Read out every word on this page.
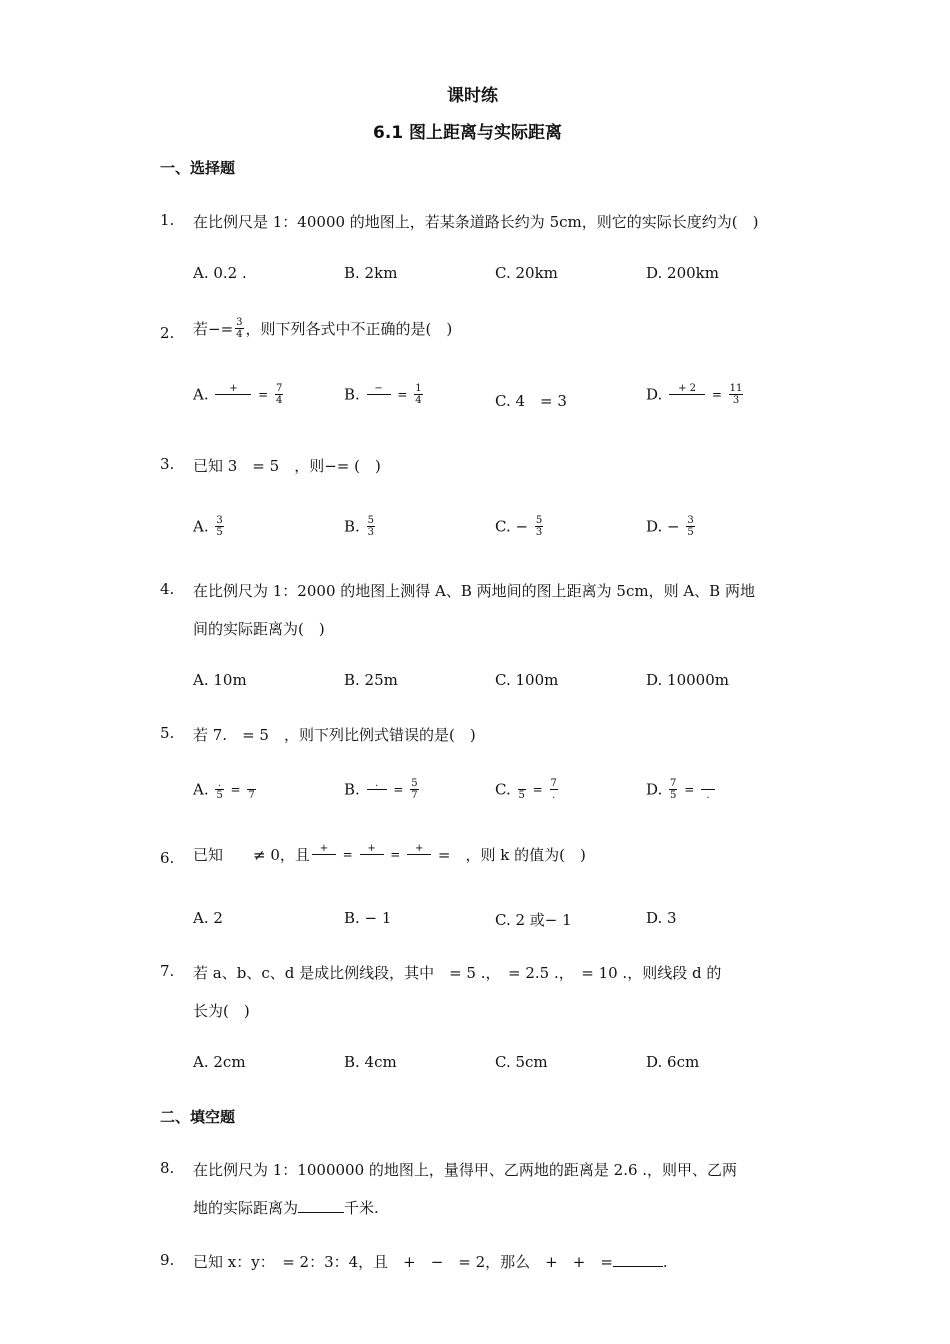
课时练
6.1 图上距离与实际距离
一、选择题
1. 在比例尺是 1：40000 的地图上，若某条道路长约为 5cm，则它的实际长度约为(　)
A. 0.2 .	B. 2km	C. 20km	D. 200km
2. 若−= $\frac{3}{4}$ ，则下列各式中不正确的是(　)
A. +
= $\frac{7}{4}$	B. −
= $\frac{1}{4}$	C. 4　= 3	D. + 2
= $\frac{11}{3}$
3. 已知 3　= 5　，则−= (　)
A. $\frac{3}{5}$	B. $\frac{5}{3}$	C. − $\frac{5}{3}$	D. − $\frac{3}{5}$
4. 在比例尺为 1：2000 的地图上测得 A、B 两地间的图上距离为 5cm，则 A、B 两地
间的实际距离为(　)
A. 10m	B. 25m	C. 100m	D. 10000m
5. 若 7.　= 5　，则下列比例式错误的是(　)
A. $\frac{.}{5}$ =
7	B. .
= $\frac{5}{7}$	C.
$5 = \frac{7}{.}$	D. $\frac{7}{5}$ =
.
6. 已知　　≠ 0，且 +
= +
= +
=　，则 k 的值为(　)
A. 2	B. − 1	C. 2 或− 1	D. 3
7. 若 a、b、c、d 是成比例线段，其中　= 5 .，　= 2.5 .，　= 10 .，则线段 d 的
长为(　)
A. 2cm	B. 4cm	C. 5cm	D. 6cm
二、填空题
8. 在比例尺为 1：1000000 的地图上，量得甲、乙两地的距离是 2.6 .，则甲、乙两
地的实际距离为	千米.
9. 已知 x：y：　= 2：3：4，且　+　−　= 2，那么　+　+　=	.
